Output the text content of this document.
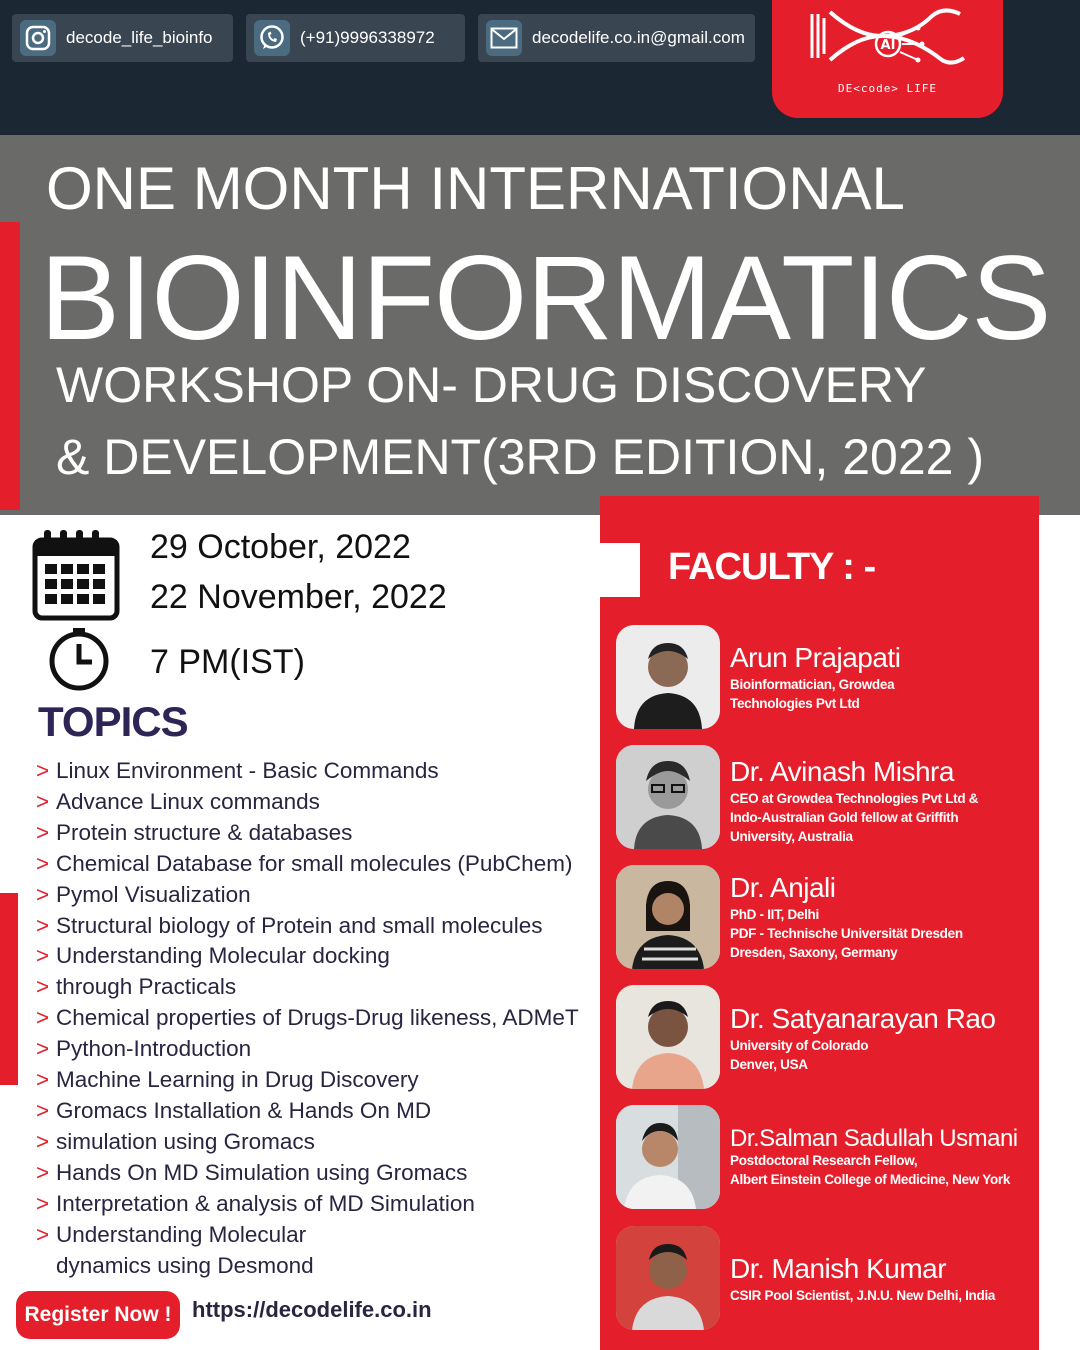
decode_life_bioinfo	(+91)9996338972	decodelife.co.in@gmail.com	AI
DE<code> LIFE
ONE MONTH INTERNATIONAL
BIOINFORMATICS
WORKSHOP ON- DRUG DISCOVERY
& DEVELOPMENT(3RD EDITION, 2022 )
29 October, 2022
22 November, 2022
7 PM(IST)
TOPICS
> Linux Environment - Basic Commands
> Advance Linux commands
> Protein structure & databases
> Chemical Database for small molecules (PubChem)
> Pymol Visualization
> Structural biology of Protein and small molecules
> Understanding Molecular docking
> through Practicals
> Chemical properties of Drugs-Drug likeness, ADMeT
> Python-Introduction
> Machine Learning in Drug Discovery
> Gromacs Installation & Hands On MD
> simulation using Gromacs
> Hands On MD Simulation using Gromacs
> Interpretation & analysis of MD Simulation
> Understanding Molecular
dynamics using Desmond
Register Now ! https://decodelife.co.in
FACULTY : -
Arun Prajapati
Bioinformatician, Growdea
Technologies Pvt Ltd
Dr. Avinash Mishra
CEO at Growdea Technologies Pvt Ltd &
Indo-Australian Gold fellow at Griffith
University, Australia
Dr. Anjali
PhD - IIT, Delhi
PDF - Technische Universität Dresden
Dresden, Saxony, Germany
Dr. Satyanarayan Rao
University of Colorado
Denver, USA
Dr.Salman Sadullah Usmani
Postdoctoral Research Fellow,
Albert Einstein College of Medicine, New York
Dr. Manish Kumar
CSIR Pool Scientist, J.N.U. New Delhi, India
